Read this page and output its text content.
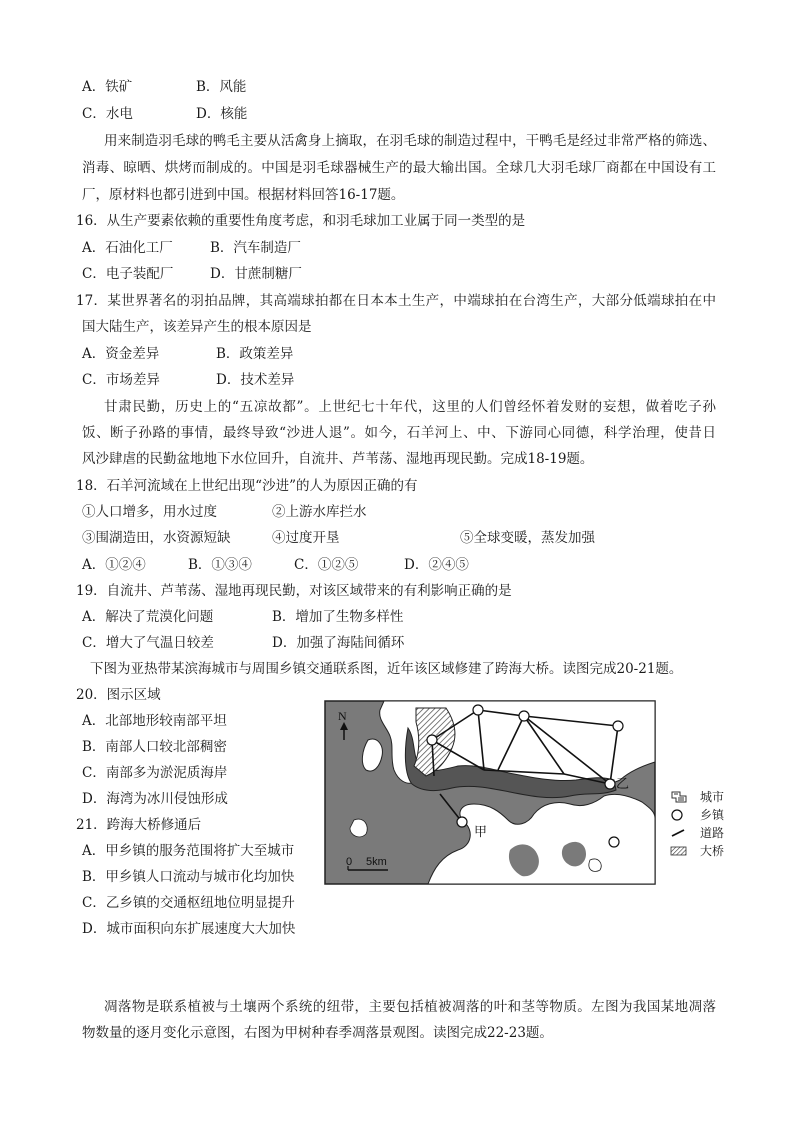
A．铁矿	B．风能
C．水电	D．核能
用来制造羽毛球的鸭毛主要从活禽身上摘取，在羽毛球的制造过程中，干鸭毛是经过非常严格的筛选、
消毒、晾晒、烘烤而制成的。中国是羽毛球器械生产的最大输出国。全球几大羽毛球厂商都在中国设有工
厂，原材料也都引进到中国。根据材料回答16-17题。
16．从生产要素依赖的重要性角度考虑，和羽毛球加工业属于同一类型的是
A．石油化工厂	B．汽车制造厂
C．电子装配厂	D．甘蔗制糖厂
17．某世界著名的羽拍品牌，其高端球拍都在日本本土生产，中端球拍在台湾生产，大部分低端球拍在中
国大陆生产，该差异产生的根本原因是
A．资金差异	B．政策差异
C．市场差异	D．技术差异
甘肃民勤，历史上的“五凉故都”。上世纪七十年代，这里的人们曾经怀着发财的妄想，做着吃子孙
饭、断子孙路的事情，最终导致“沙进人退”。如今，石羊河上、中、下游同心同德，科学治理，使昔日
风沙肆虐的民勤盆地地下水位回升，自流井、芦苇荡、湿地再现民勤。完成18-19题。
18．石羊河流域在上世纪出现“沙进”的人为原因正确的有
①人口增多，用水过度	②上游水库拦水
③围湖造田，水资源短缺	④过度开垦	⑤全球变暖，蒸发加强
A．①②④	B．①③④	C．①②⑤	D．②④⑤
19．自流井、芦苇荡、湿地再现民勤，对该区域带来的有利影响正确的是
A．解决了荒漠化问题	B．增加了生物多样性
C．增大了气温日较差	D．加强了海陆间循环
下图为亚热带某滨海城市与周围乡镇交通联系图，近年该区域修建了跨海大桥。读图完成20-21题。
20．图示区域
A．北部地形较南部平坦
B．南部人口较北部稠密
C．南部多为淤泥质海岸
D．海湾为冰川侵蚀形成
21．跨海大桥修通后
A．甲乡镇的服务范围将扩大至城市
B．甲乡镇人口流动与城市化均加快
C．乙乡镇的交通枢纽地位明显提升
D．城市面积向东扩展速度大大加快
N
乙
甲
0 5km
城市
乡镇
道路
大桥
凋落物是联系植被与土壤两个系统的纽带，主要包括植被凋落的叶和茎等物质。左图为我国某地凋落
物数量的逐月变化示意图，右图为甲树种春季凋落景观图。读图完成22-23题。
